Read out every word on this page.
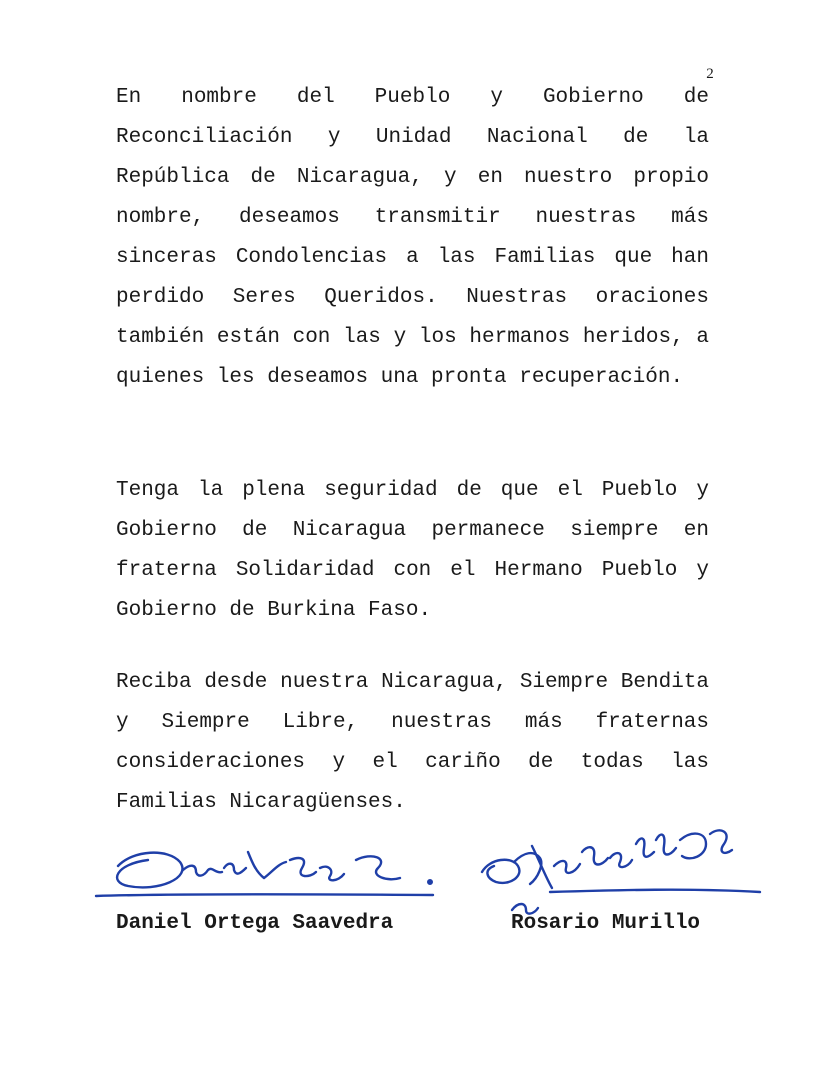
2

En nombre del Pueblo y Gobierno de Reconciliación y Unidad Nacional de la República de Nicaragua, y en nuestro propio nombre, deseamos transmitir nuestras más sinceras Condolencias a las Familias que han perdido Seres Queridos. Nuestras oraciones también están con las y los hermanos heridos, a quienes les deseamos una pronta recuperación.

Tenga la plena seguridad de que el Pueblo y Gobierno de Nicaragua permanece siempre en fraterna Solidaridad con el Hermano Pueblo y Gobierno de Burkina Faso.

Reciba desde nuestra Nicaragua, Siempre Bendita y Siempre Libre, nuestras más fraternas consideraciones y el cariño de todas las Familias Nicaragüenses.

Daniel Ortega Saavedra	Rosario Murillo
